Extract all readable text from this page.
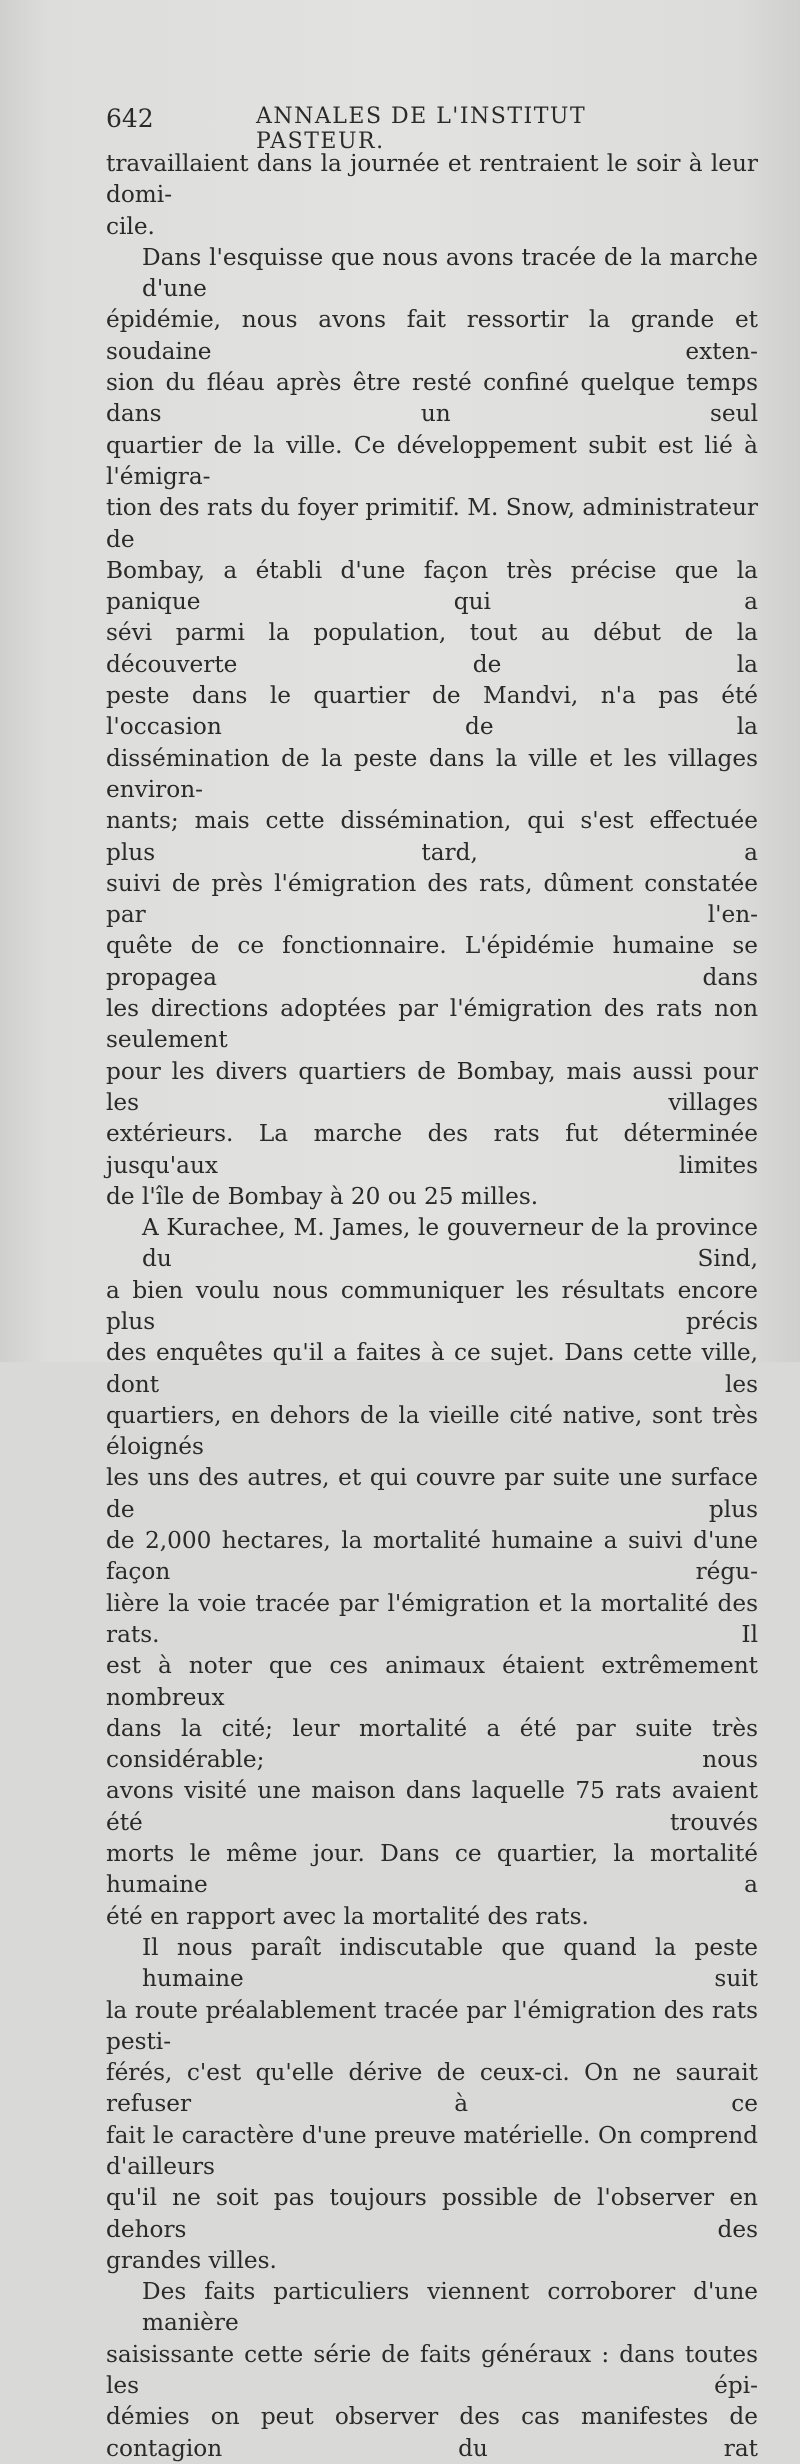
642	ANNALES DE L'INSTITUT PASTEUR.
travaillaient dans la journée et rentraient le soir à leur domi-
cile.
Dans l'esquisse que nous avons tracée de la marche d'une
épidémie, nous avons fait ressortir la grande et soudaine exten-
sion du fléau après être resté confiné quelque temps dans un seul
quartier de la ville. Ce développement subit est lié à l'émigra-
tion des rats du foyer primitif. M. Snow, administrateur de
Bombay, a établi d'une façon très précise que la panique qui a
sévi parmi la population, tout au début de la découverte de la
peste dans le quartier de Mandvi, n'a pas été l'occasion de la
dissémination de la peste dans la ville et les villages environ-
nants; mais cette dissémination, qui s'est effectuée plus tard, a
suivi de près l'émigration des rats, dûment constatée par l'en-
quête de ce fonctionnaire. L'épidémie humaine se propagea dans
les directions adoptées par l'émigration des rats non seulement
pour les divers quartiers de Bombay, mais aussi pour les villages
extérieurs. La marche des rats fut déterminée jusqu'aux limites
de l'île de Bombay à 20 ou 25 milles.
A Kurachee, M. James, le gouverneur de la province du Sind,
a bien voulu nous communiquer les résultats encore plus précis
des enquêtes qu'il a faites à ce sujet. Dans cette ville, dont les
quartiers, en dehors de la vieille cité native, sont très éloignés
les uns des autres, et qui couvre par suite une surface de plus
de 2,000 hectares, la mortalité humaine a suivi d'une façon régu-
lière la voie tracée par l'émigration et la mortalité des rats. Il
est à noter que ces animaux étaient extrêmement nombreux
dans la cité; leur mortalité a été par suite très considérable; nous
avons visité une maison dans laquelle 75 rats avaient été trouvés
morts le même jour. Dans ce quartier, la mortalité humaine a
été en rapport avec la mortalité des rats.
Il nous paraît indiscutable que quand la peste humaine suit
la route préalablement tracée par l'émigration des rats pesti-
férés, c'est qu'elle dérive de ceux-ci. On ne saurait refuser à ce
fait le caractère d'une preuve matérielle. On comprend d'ailleurs
qu'il ne soit pas toujours possible de l'observer en dehors des
grandes villes.
Des faits particuliers viennent corroborer d'une manière
saisissante cette série de faits généraux : dans toutes les épi-
démies on peut observer des cas manifestes de contagion du rat
